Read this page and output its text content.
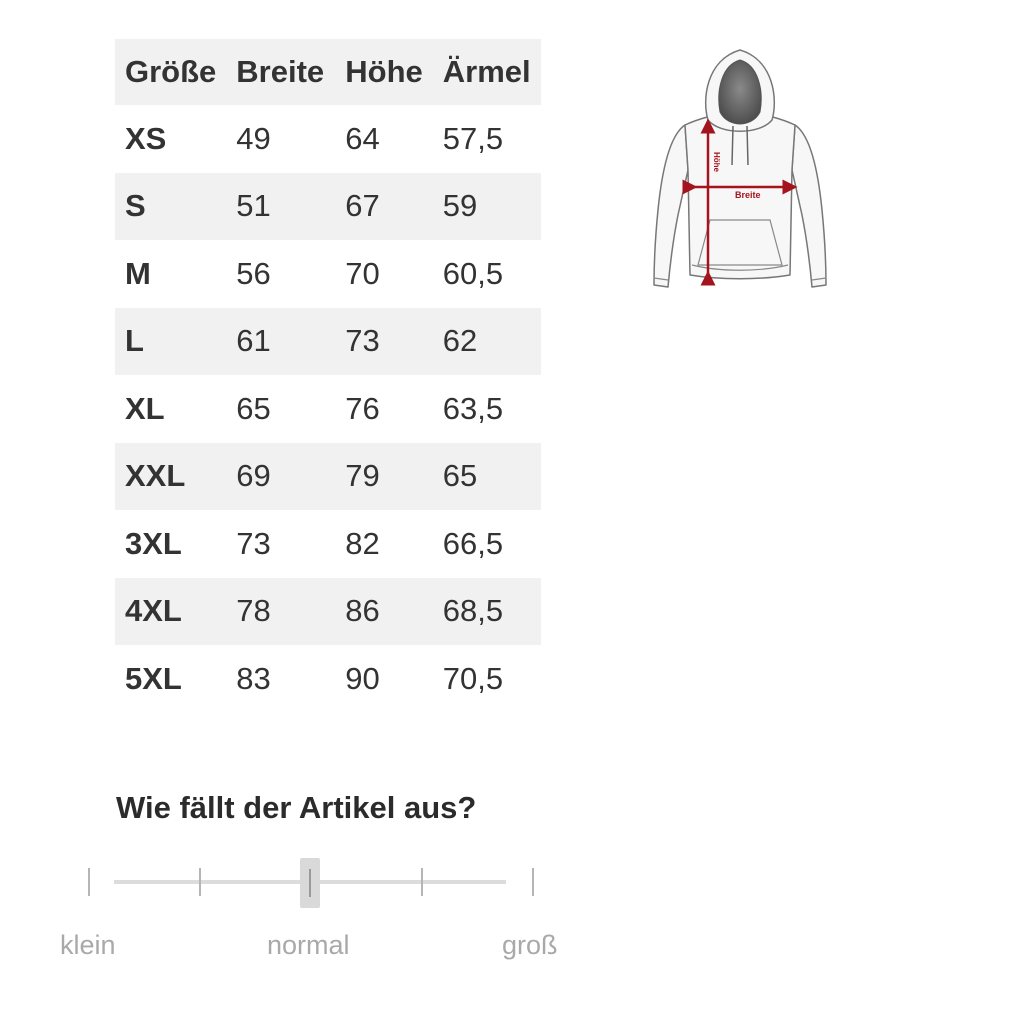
Größe	Breite	Höhe	Ärmel
XS	49	64	57,5
S	51	67	59
M	56	70	60,5
L	61	73	62
XL	65	76	63,5
XXL	69	79	65
3XL	73	82	66,5
4XL	78	86	68,5
5XL	83	90	70,5
Höhe
Breite
Wie fällt der Artikel aus?
klein	normal	groß
